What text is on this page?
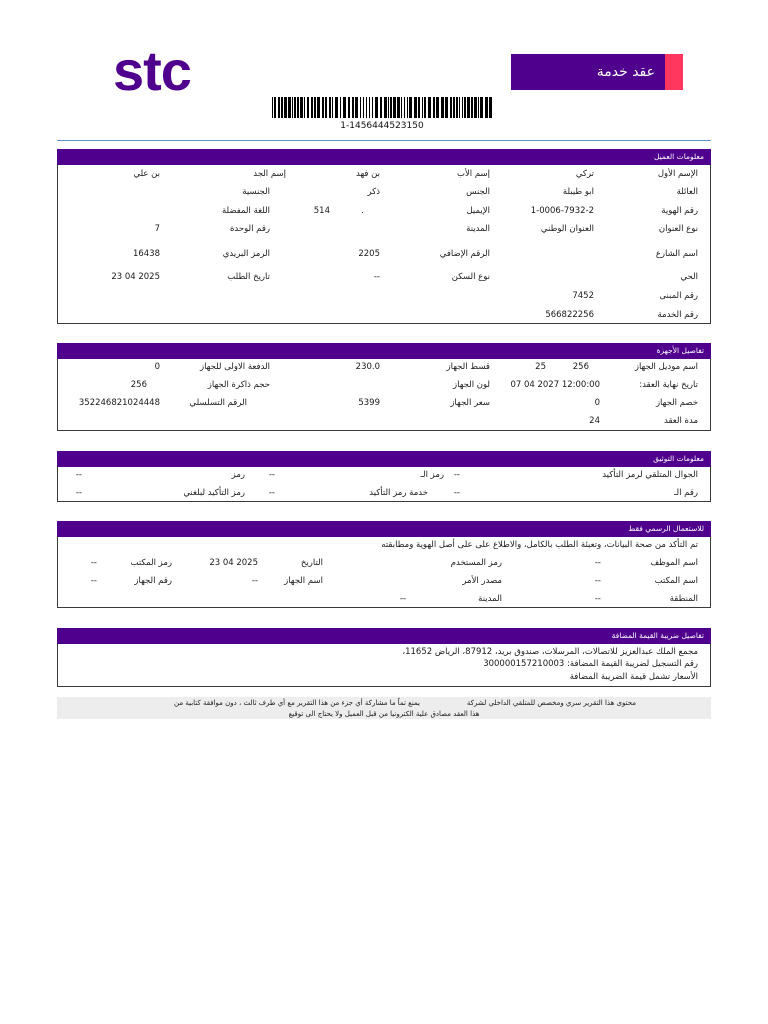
stc	عقد خدمة
1-1456444523150
معلومات العميل
الإسم الأول
تركي
إسم الأب
بن فهد
إسم الجد
بن علي
العائلة
ابو طيبلة
الجنس
ذكر
الجنسية
رقم الهوية
1-0006-7932-2
الإيميل
.
514
اللغة المفضلة
نوع العنوان
العنوان الوطني
المدينة
رقم الوحدة
7
اسم الشارع
الرقم الإضافي
2205
الرمز البريدي
16438
الحي
نوع السكن
--
تاريخ الطلب
23 04 2025
رقم المبنى
7452
رقم الخدمة
566822256
تفاصيل الأجهزة
اسم موديل الجهاز
256
25
قسط الجهاز
230.0
الدفعة الاولى للجهاز
0
تاريخ نهاية العقد:
07 04 2027 12:00:00
لون الجهاز
حجم ذاكرة الجهاز
256
خصم الجهاز
0
سعر الجهاز
5399
الرقم التسلسلي
352246821024448
مدة العقد
24
معلومات التوثيق
الجوال المتلقي لرمز التأكيد
--
رمز الـ
--
رمز
--
رقم الـ
--
خدمة رمز التأكيد
--
رمز التأكيد لبلغني
--
للاستعمال الرسمي فقط
تم التأكد من صحة البيانات، وتعبئة الطلب بالكامل، والاطلاع على على أصل الهوية ومطابقته
اسم الموظف
--
رمز المستخدم
التاريخ
23 04 2025
رمز المكتب
--
اسم المكتب
--
مصدر الأمر
اسم الجهاز
--
رقم الجهاز
--
المنطقة
--
المدينة
--
تفاصيل ضريبة القيمة المضافة
مجمع الملك عبدالعزيز للاتصالات، المرسلات، صندوق بريد، 87912، الرياض 11652،
رقم التسجيل لضريبة القيمة المضافة: 300000157210003
الأسعار تشمل قيمة الضريبة المضافة
محتوى هذا التقرير سري ومخصص للمتلقي الداخلي لشركة
يمنع تماً ما مشاركة أي جزء من هذا التقرير مع أي طرف ثالث ، دون موافقة كتابية من
هذا العقد مصادق علية الكترونيا من قبل العميل ولا يحتاج الى توقيع
